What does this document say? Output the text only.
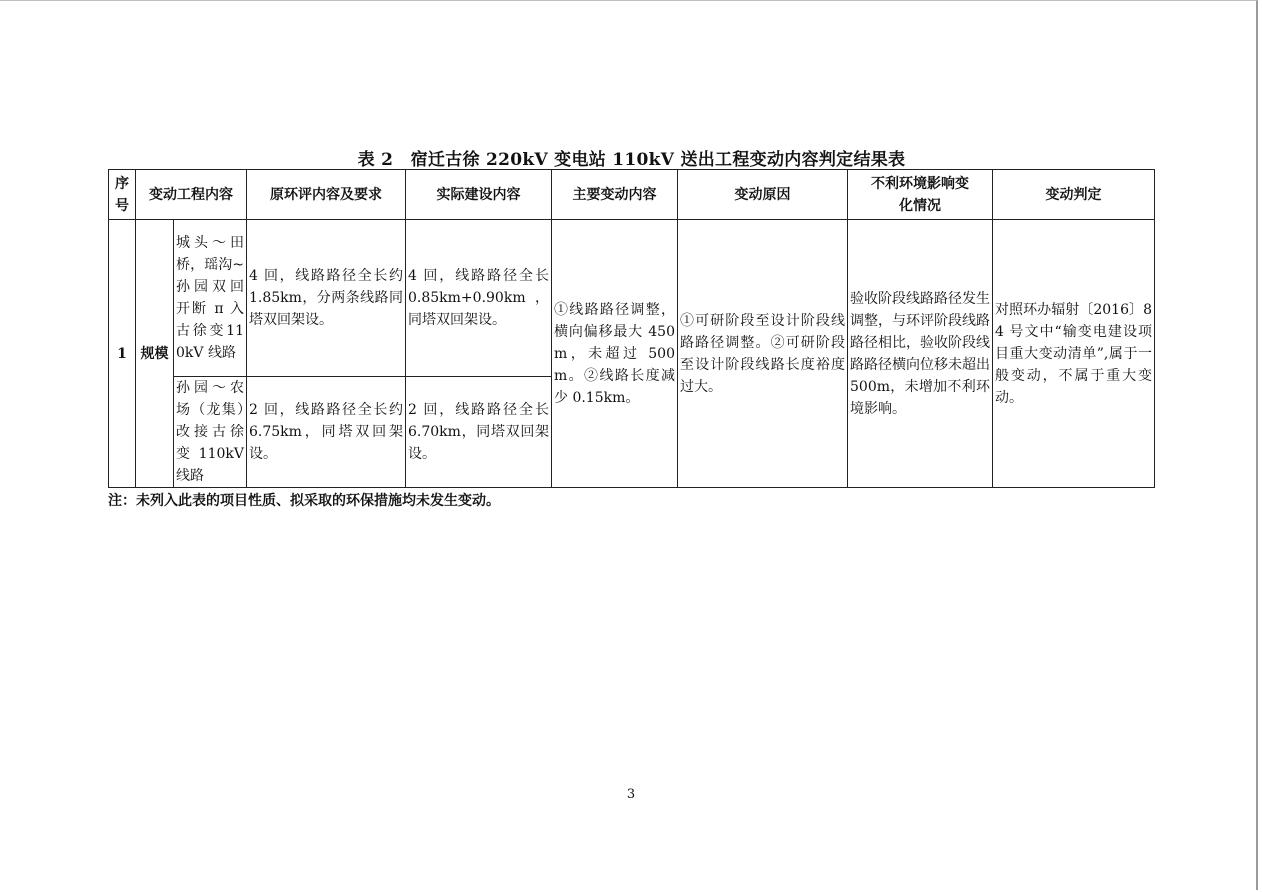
表 2　宿迁古徐 220kV 变电站 110kV 送出工程变动内容判定结果表
序号	变动工程内容		原环评内容及要求	实际建设内容	主要变动内容	变动原因	不利环境影响变化情况	变动判定
1	规模	城头～田桥，瑶沟~孙园双回开断 π 入古徐变110kV 线路	4 回，线路路径全长约 1.85km，分两条线路同塔双回架设。	4 回，线路路径全长 0.85km+0.90km，同塔双回架设。	①线路路径调整，横向偏移最大 450m，未超过 500m。②线路长度减少 0.15km。	①可研阶段至设计阶段线路路径调整。②可研阶段至设计阶段线路长度裕度过大。	验收阶段线路路径发生调整，与环评阶段线路路径相比，验收阶段线路路径横向位移未超出500m，未增加不利环境影响。	对照环办辐射〔2016〕84 号文中“输变电建设项目重大变动清单”,属于一般变动，不属于重大变动。
		孙园～农场（龙集）改接古徐变 110kV 线路	2 回，线路路径全长约 6.75km，同塔双回架设。	2 回，线路路径全长 6.70km，同塔双回架设。				
注：未列入此表的项目性质、拟采取的环保措施均未发生变动。
3
